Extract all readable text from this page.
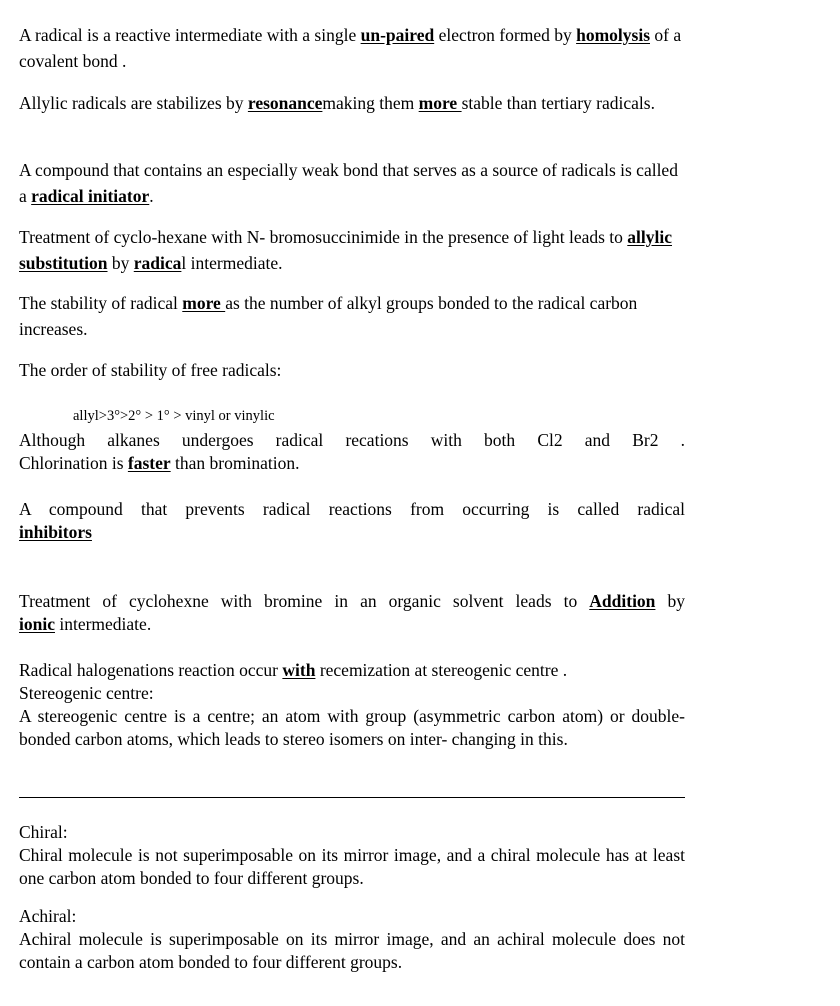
A radical is a reactive intermediate with a single un-paired electron formed by homolysis of a covalent bond .

Allylic radicals are stabilizes by resonancemaking them more stable than tertiary radicals.

A compound that contains an especially weak bond that serves as a source of radicals is called a radical initiator.

Treatment of cyclo-hexane with N- bromosuccinimide in the presence of light leads to allylic substitution by radical intermediate.

The stability of radical more as the number of alkyl groups bonded to the radical carbon increases.

The order of stability of free radicals:

allyl>3°>2° > 1° > vinyl or vinylic
Although alkanes undergoes radical recations with both Cl2 and Br2 .
Chlorination is faster than bromination.
A compound that prevents radical reactions from occurring is called radical
inhibitors
Treatment of cyclohexne with bromine in an organic solvent leads to Addition by
ionic intermediate.
Radical halogenations reaction occur with recemization at stereogenic centre .
Stereogenic centre:
A stereogenic centre is a centre; an atom with group (asymmetric carbon atom) or double-bonded carbon atoms, which leads to stereo isomers on inter- changing in this.
Chiral:
Chiral molecule is not superimposable on its mirror image, and a chiral molecule has at least one carbon atom bonded to four different groups.
Achiral:
Achiral molecule is superimposable on its mirror image, and an achiral molecule does not contain a carbon atom bonded to four different groups.
